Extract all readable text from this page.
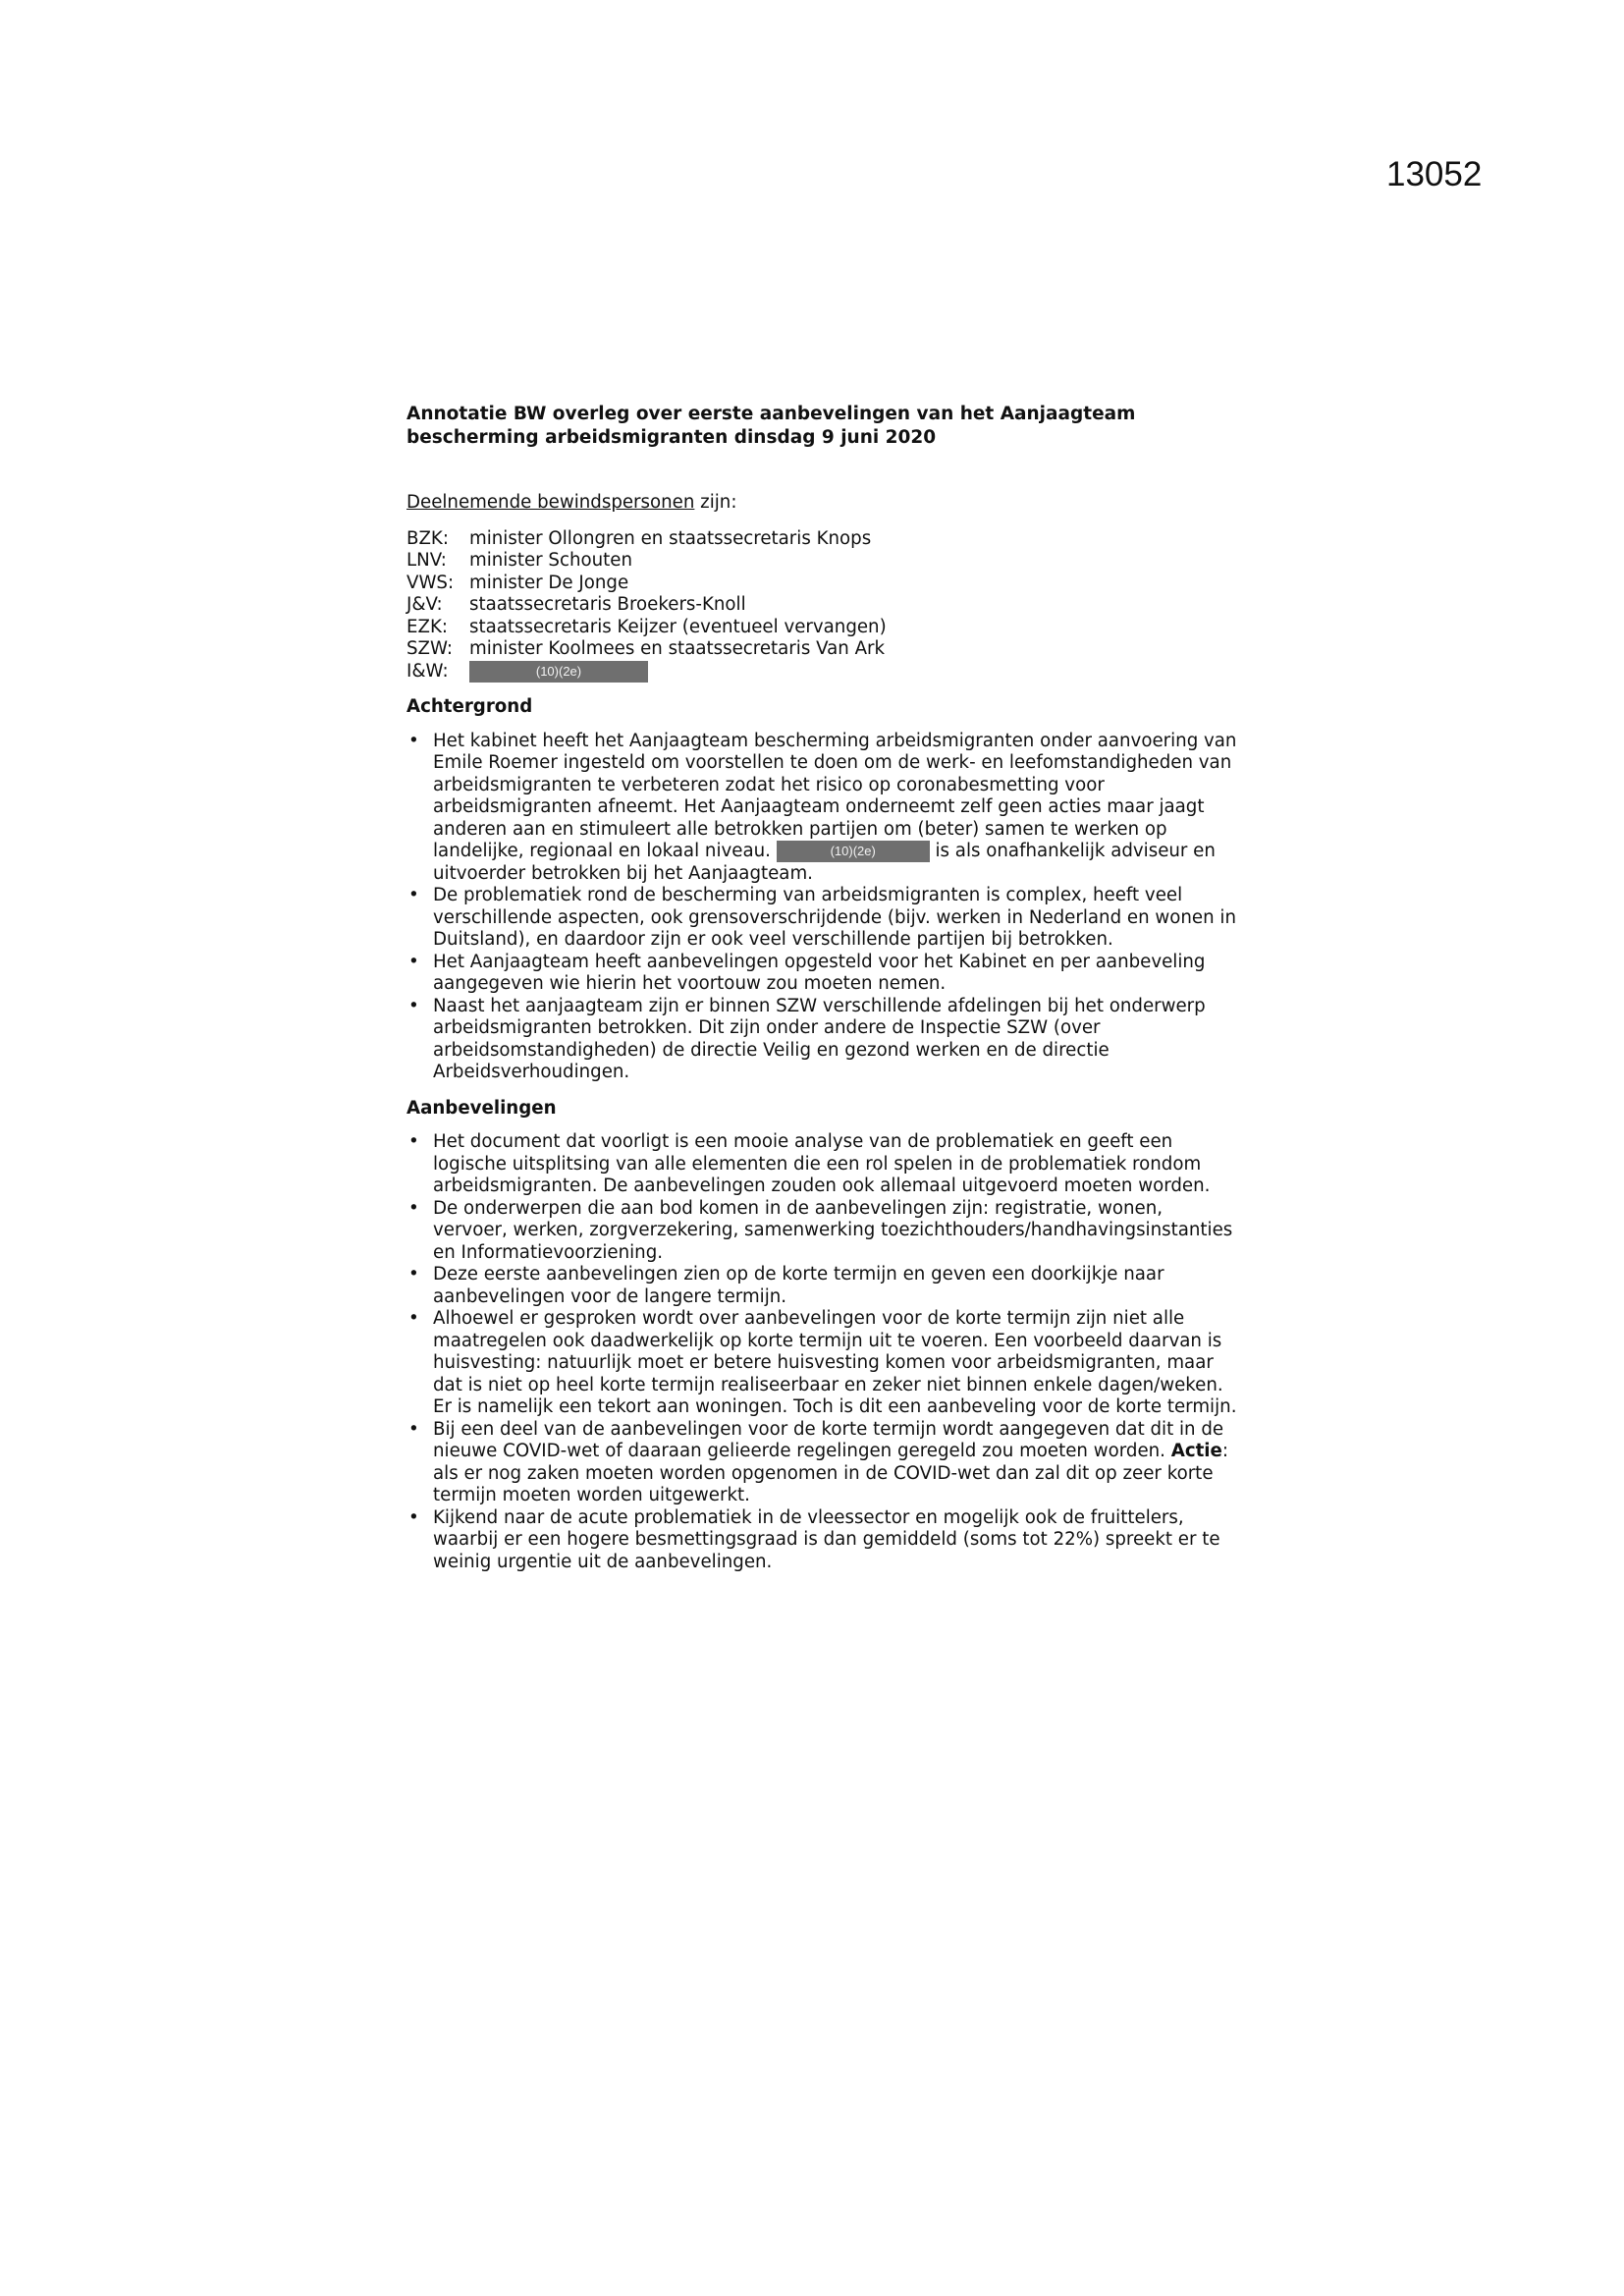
13052

Annotatie BW overleg over eerste aanbevelingen van het Aanjaagteam bescherming arbeidsmigranten dinsdag 9 juni 2020

Deelnemende bewindspersonen zijn:
BZK:	minister Ollongren en staatssecretaris Knops
LNV:	minister Schouten
VWS: minister De Jonge
J&V:	staatssecretaris Broekers-Knoll
EZK:	staatssecretaris Keijzer (eventueel vervangen)
SZW: minister Koolmees en staatssecretaris Van Ark
I&W:	(10)(2e)
Achtergrond
• Het kabinet heeft het Aanjaagteam bescherming arbeidsmigranten onder aanvoering van Emile Roemer ingesteld om voorstellen te doen om de werk- en leefomstandigheden van arbeidsmigranten te verbeteren zodat het risico op coronabesmetting voor arbeidsmigranten afneemt. Het Aanjaagteam onderneemt zelf geen acties maar jaagt anderen aan en stimuleert alle betrokken partijen om (beter) samen te werken op landelijke, regionaal en lokaal niveau.	(10)(2e)	is als onafhankelijk adviseur en uitvoerder betrokken bij het Aanjaagteam.
• De problematiek rond de bescherming van arbeidsmigranten is complex, heeft veel verschillende aspecten, ook grensoverschrijdende (bijv. werken in Nederland en wonen in Duitsland), en daardoor zijn er ook veel verschillende partijen bij betrokken.
• Het Aanjaagteam heeft aanbevelingen opgesteld voor het Kabinet en per aanbeveling aangegeven wie hierin het voortouw zou moeten nemen.
• Naast het aanjaagteam zijn er binnen SZW verschillende afdelingen bij het onderwerp arbeidsmigranten betrokken. Dit zijn onder andere de Inspectie SZW (over arbeidsomstandigheden) de directie Veilig en gezond werken en de directie Arbeidsverhoudingen.
Aanbevelingen
• Het document dat voorligt is een mooie analyse van de problematiek en geeft een logische uitsplitsing van alle elementen die een rol spelen in de problematiek rondom arbeidsmigranten. De aanbevelingen zouden ook allemaal uitgevoerd moeten worden.
• De onderwerpen die aan bod komen in de aanbevelingen zijn: registratie, wonen, vervoer, werken, zorgverzekering, samenwerking toezichthouders/handhavingsinstanties en Informatievoorziening.
• Deze eerste aanbevelingen zien op de korte termijn en geven een doorkijkje naar aanbevelingen voor de langere termijn.
• Alhoewel er gesproken wordt over aanbevelingen voor de korte termijn zijn niet alle maatregelen ook daadwerkelijk op korte termijn uit te voeren. Een voorbeeld daarvan is huisvesting: natuurlijk moet er betere huisvesting komen voor arbeidsmigranten, maar dat is niet op heel korte termijn realiseerbaar en zeker niet binnen enkele dagen/weken. Er is namelijk een tekort aan woningen. Toch is dit een aanbeveling voor de korte termijn.
• Bij een deel van de aanbevelingen voor de korte termijn wordt aangegeven dat dit in de nieuwe COVID-wet of daaraan gelieerde regelingen geregeld zou moeten worden. Actie: als er nog zaken moeten worden opgenomen in de COVID-wet dan zal dit op zeer korte termijn moeten worden uitgewerkt.
• Kijkend naar de acute problematiek in de vleessector en mogelijk ook de fruittelers, waarbij er een hogere besmettingsgraad is dan gemiddeld (soms tot 22%) spreekt er te weinig urgentie uit de aanbevelingen.
